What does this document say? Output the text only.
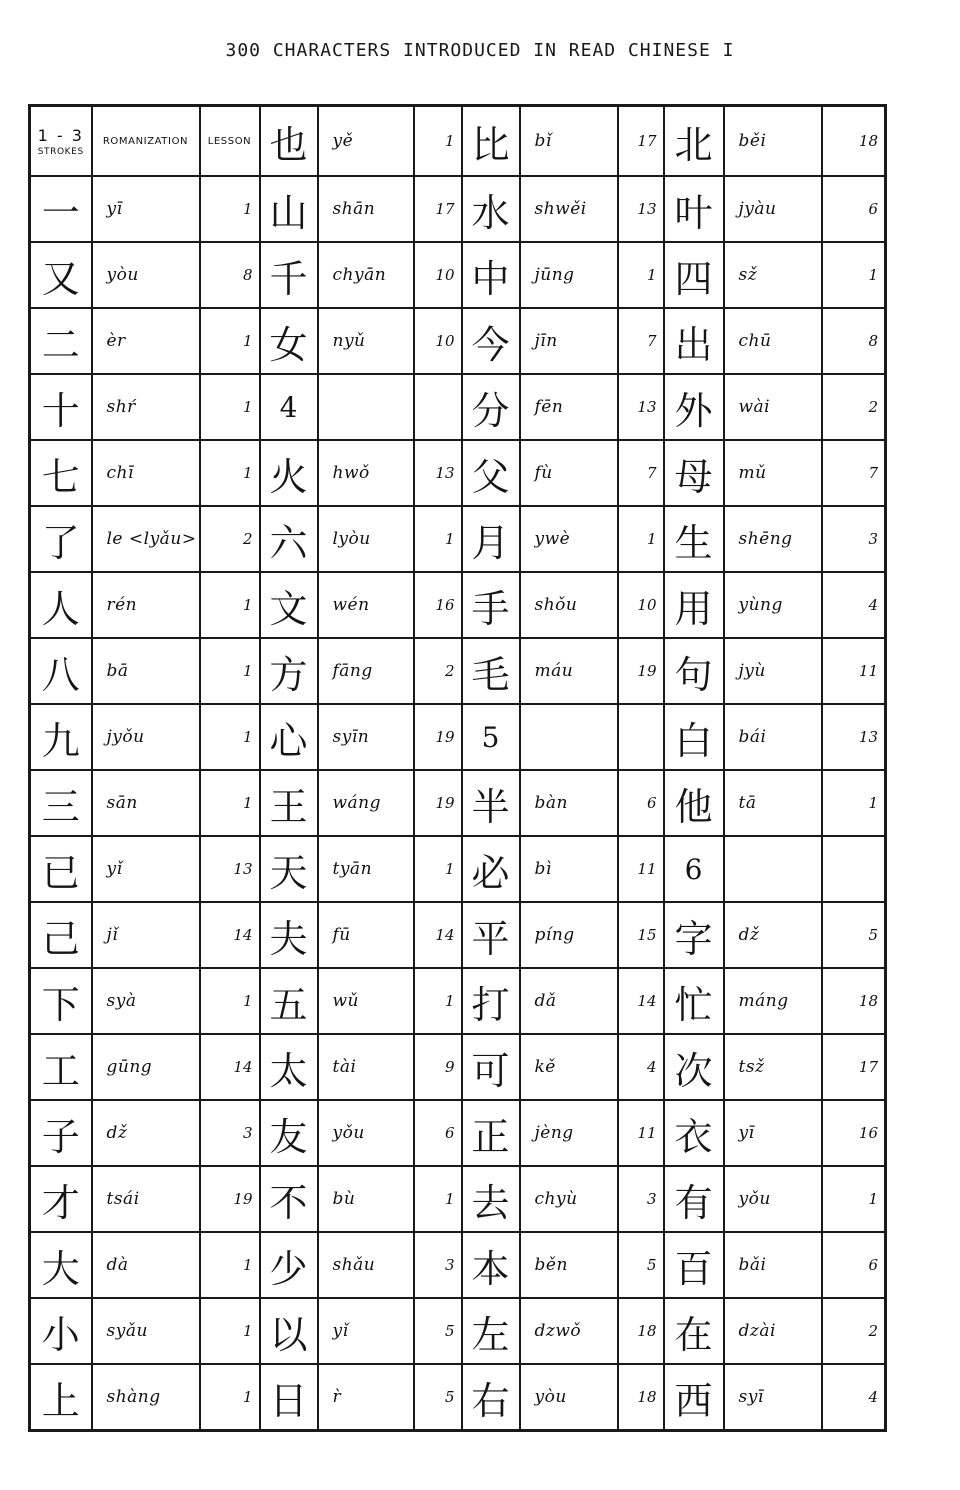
300 CHARACTERS INTRODUCED IN READ CHINESE I
1 - 3
STROKES	ROMANIZATION	LESSON	也	yě	1	比	bǐ	17	北	běi	18
一	yī	1	山	shān	17	水	shwěi	13	叶	jyàu	6
又	yòu	8	千	chyān	10	中	jūng	1	四	sž	1
二	èr	1	女	nyǔ	10	今	jīn	7	出	chū	8
十	shŕ	1	4			分	fēn	13	外	wài	2
七	chī	1	火	hwǒ	13	父	fù	7	母	mǔ	7
了	le <lyǎu>	2	六	lyòu	1	月	ywè	1	生	shēng	3
人	rén	1	文	wén	16	手	shǒu	10	用	yùng	4
八	bā	1	方	fāng	2	毛	máu	19	句	jyù	11
九	jyǒu	1	心	syīn	19	5			白	bái	13
三	sān	1	王	wáng	19	半	bàn	6	他	tā	1
已	yǐ	13	天	tyān	1	必	bì	11	6		
己	jǐ	14	夫	fū	14	平	píng	15	字	dž	5
下	syà	1	五	wǔ	1	打	dǎ	14	忙	máng	18
工	gūng	14	太	tài	9	可	kě	4	次	tsž	17
子	dž	3	友	yǒu	6	正	jèng	11	衣	yī	16
才	tsái	19	不	bù	1	去	chyù	3	有	yǒu	1
大	dà	1	少	shǎu	3	本	běn	5	百	bǎi	6
小	syǎu	1	以	yǐ	5	左	dzwǒ	18	在	dzài	2
上	shàng	1	日	r̀	5	右	yòu	18	西	syī	4
